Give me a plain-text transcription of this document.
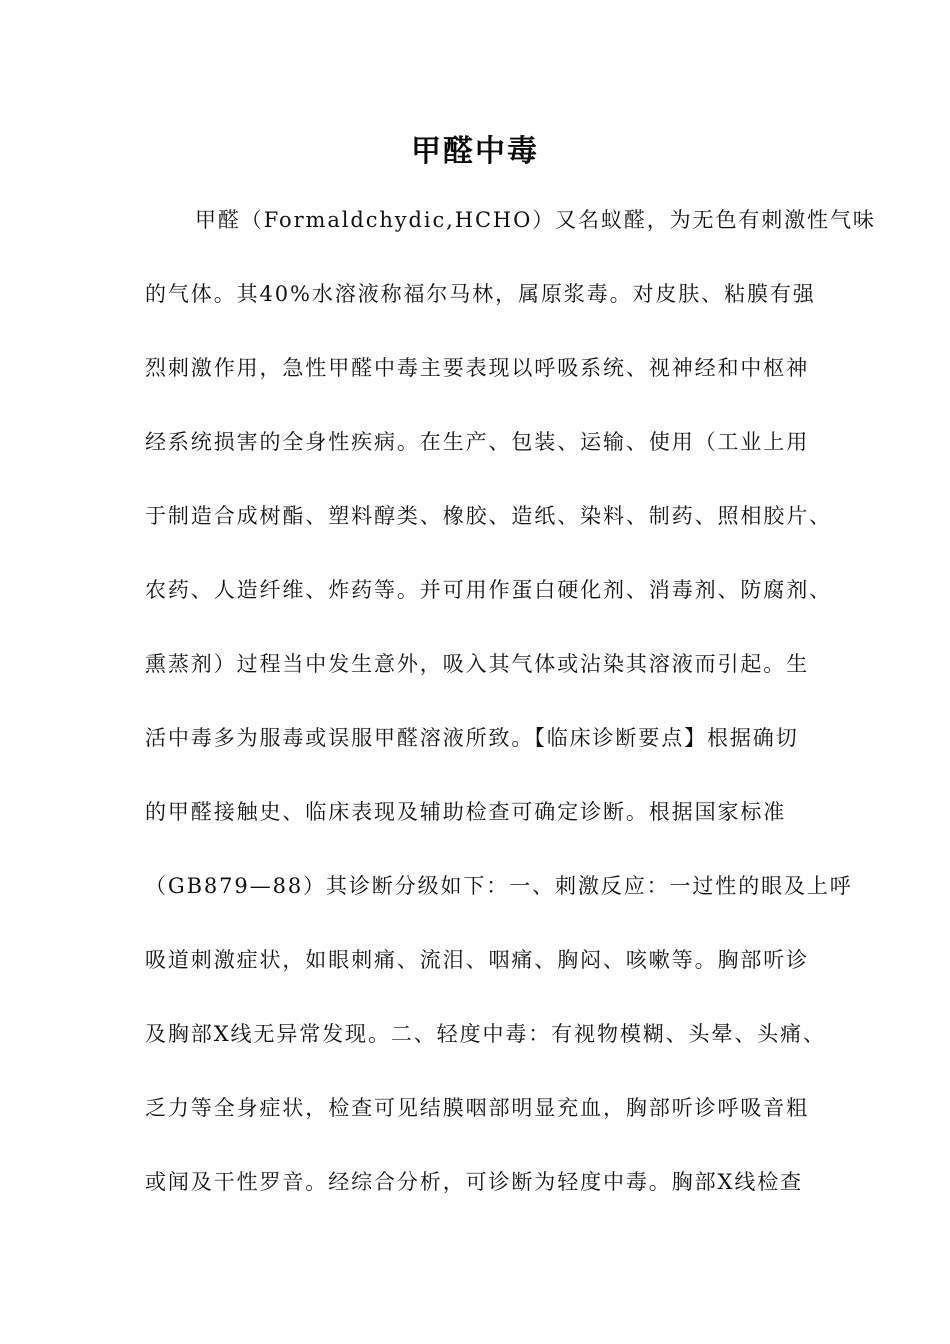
甲醛中毒
甲醛（Formaldchydic,HCHO）又名蚁醛，为无色有刺激性气味
的气体。其40%水溶液称福尔马林，属原浆毒。对皮肤、粘膜有强
烈刺激作用，急性甲醛中毒主要表现以呼吸系统、视神经和中枢神
经系统损害的全身性疾病。在生产、包装、运输、使用（工业上用
于制造合成树酯、塑料醇类、橡胶、造纸、染料、制药、照相胶片、
农药、人造纤维、炸药等。并可用作蛋白硬化剂、消毒剂、防腐剂、
熏蒸剂）过程当中发生意外，吸入其气体或沾染其溶液而引起。生
活中毒多为服毒或误服甲醛溶液所致。【临床诊断要点】根据确切
的甲醛接触史、临床表现及辅助检查可确定诊断。根据国家标准
（GB879—88）其诊断分级如下：一、刺激反应：一过性的眼及上呼
吸道刺激症状，如眼刺痛、流泪、咽痛、胸闷、咳嗽等。胸部听诊
及胸部X线无异常发现。二、轻度中毒：有视物模糊、头晕、头痛、
乏力等全身症状，检查可见结膜咽部明显充血，胸部听诊呼吸音粗
或闻及干性罗音。经综合分析，可诊断为轻度中毒。胸部X线检查
